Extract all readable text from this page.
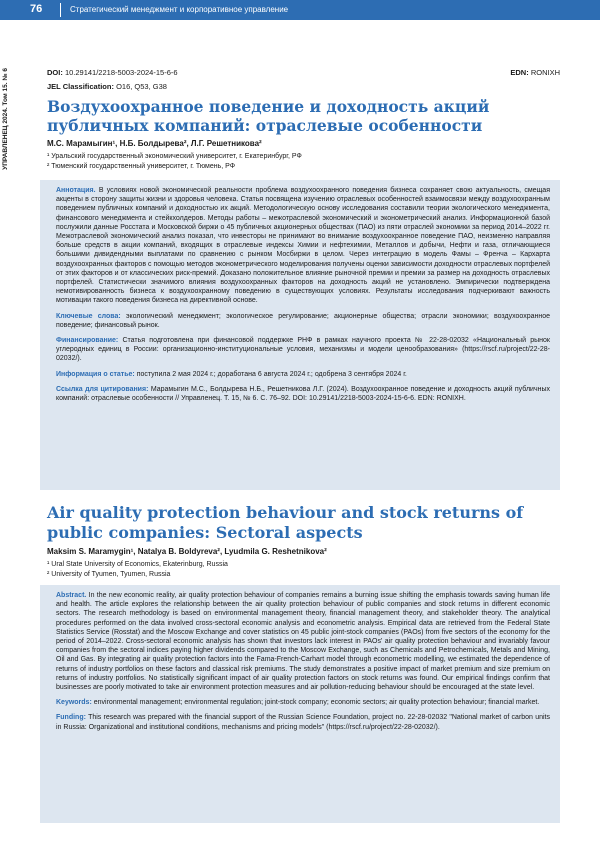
76	Стратегический менеджмент и корпоративное управление
УПРАВЛЕНЕЦ 2024. Том 15. № 6	DOI: 10.29141/2218-5003-2024-15-6-6
JEL Classification: O16, Q53, G38
EDN: RONIXH
Воздухоохранное поведение и доходность акций публичных компаний: отраслевые особенности
М.С. Марамыгин¹, Н.Б. Болдырева², Л.Г. Решетникова²
¹ Уральский государственный экономический университет, г. Екатеринбург, РФ
² Тюменский государственный университет, г. Тюмень, РФ

Аннотация. В условиях новой экономической реальности проблема воздухоохранного поведения бизнеса сохраняет свою актуальность, смещая акценты в сторону защиты жизни и здоровья человека. Статья посвящена изучению отраслевых особенностей взаимосвязи между воздухоохранным поведением публичных компаний и доходностью их акций. Методологическую основу исследования составили теории экологического менеджмента, финансового менеджмента и стейкхолдеров. Методы работы – межотраслевой экономический и эконометрический анализ. Информационной базой послужили данные Росстата и Московской биржи о 45 публичных акционерных обществах (ПАО) из пяти отраслей экономики за период 2014–2022 гг. Межотраслевой экономический анализ показал, что инвесторы не принимают во внимание воздухоохранное поведение ПАО, неизменно направляя больше средств в акции компаний, входящих в отраслевые индексы Химии и нефтехимии, Металлов и добычи, Нефти и газа, отличающиеся большими дивидендными выплатами по сравнению с рынком Мосбиржи в целом. Через интеграцию в модель Фамы – Френча – Кархарта воздухоохранных факторов с помощью методов эконометрического моделирования получены оценки зависимости доходности отраслевых портфелей от этих факторов и от классических риск-премий. Доказано положительное влияние рыночной премии и премии за размер на доходность отраслевых портфелей. Статистически значимого влияния воздухоохранных факторов на доходность акций не установлено. Эмпирически подтверждена немотивированность бизнеса к воздухоохранному поведению в существующих условиях. Результаты исследования подчеркивают важность мотивации такого поведения бизнеса на директивной основе.

Ключевые слова: экологический менеджмент; экологическое регулирование; акционерные общества; отрасли экономики; воздухоохранное поведение; финансовый рынок.

Финансирование: Статья подготовлена при финансовой поддержке РНФ в рамках научного проекта № 22-28-02032 «Национальный рынок углеродных единиц в России: организационно-институциональные условия, механизмы и модели ценообразования» (https://rscf.ru/project/22-28-02032/).

Информация о статье: поступила 2 мая 2024 г.; доработана 6 августа 2024 г.; одобрена 3 сентября 2024 г.

Ссылка для цитирования: Марамыгин М.С., Болдырева Н.Б., Решетникова Л.Г. (2024). Воздухоохранное поведение и доходность акций публичных компаний: отраслевые особенности // Управленец. Т. 15, № 6. С. 76–92. DOI: 10.29141/2218-5003-2024-15-6-6. EDN: RONIXH.

Air quality protection behaviour and stock returns of public companies: Sectoral aspects
Maksim S. Maramygin¹, Natalya B. Boldyreva², Lyudmila G. Reshetnikova²
¹ Ural State University of Economics, Ekaterinburg, Russia
² University of Tyumen, Tyumen, Russia

Abstract. In the new economic reality, air quality protection behaviour of companies remains a burning issue shifting the emphasis towards saving human life and health. The article explores the relationship between the air quality protection behaviour of public companies and stock returns in different economic sectors. The research methodology is based on environmental management theory, financial management theory, and stakeholder theory. The analytical procedures performed on the data involved cross-sectoral economic analysis and econometric analysis. Empirical data are retrieved from the Federal State Statistics Service (Rosstat) and the Moscow Exchange and cover statistics on 45 public joint-stock companies (PAOs) from five sectors of the economy for the period of 2014–2022. Cross-sectoral economic analysis has shown that investors lack interest in PAOs' air quality protection behaviour and invariably favour companies from the sectoral indices paying higher dividends compared to the Moscow Exchange, such as Chemicals and Petrochemicals, Metals and Mining, Oil and Gas. By integrating air quality protection factors into the Fama-French-Carhart model through econometric modelling, we estimated the dependence of returns of industry portfolios on these factors and classical risk premiums. The study demonstrates a positive impact of market premium and size premium on returns of industry portfolios. No statistically significant impact of air quality protection factors on stock returns was found. Our empirical findings confirm that businesses are poorly motivated to take air environment protection measures and air pollution-reducing behaviour should be encouraged at the state level.

Keywords: environmental management; environmental regulation; joint-stock company; economic sectors; air quality protection behaviour; financial market.

Funding: This research was prepared with the financial support of the Russian Science Foundation, project no. 22-28-02032 "National market of carbon units in Russia: Organizational and institutional conditions, mechanisms and pricing models" (https://rscf.ru/project/22-28-02032/).
